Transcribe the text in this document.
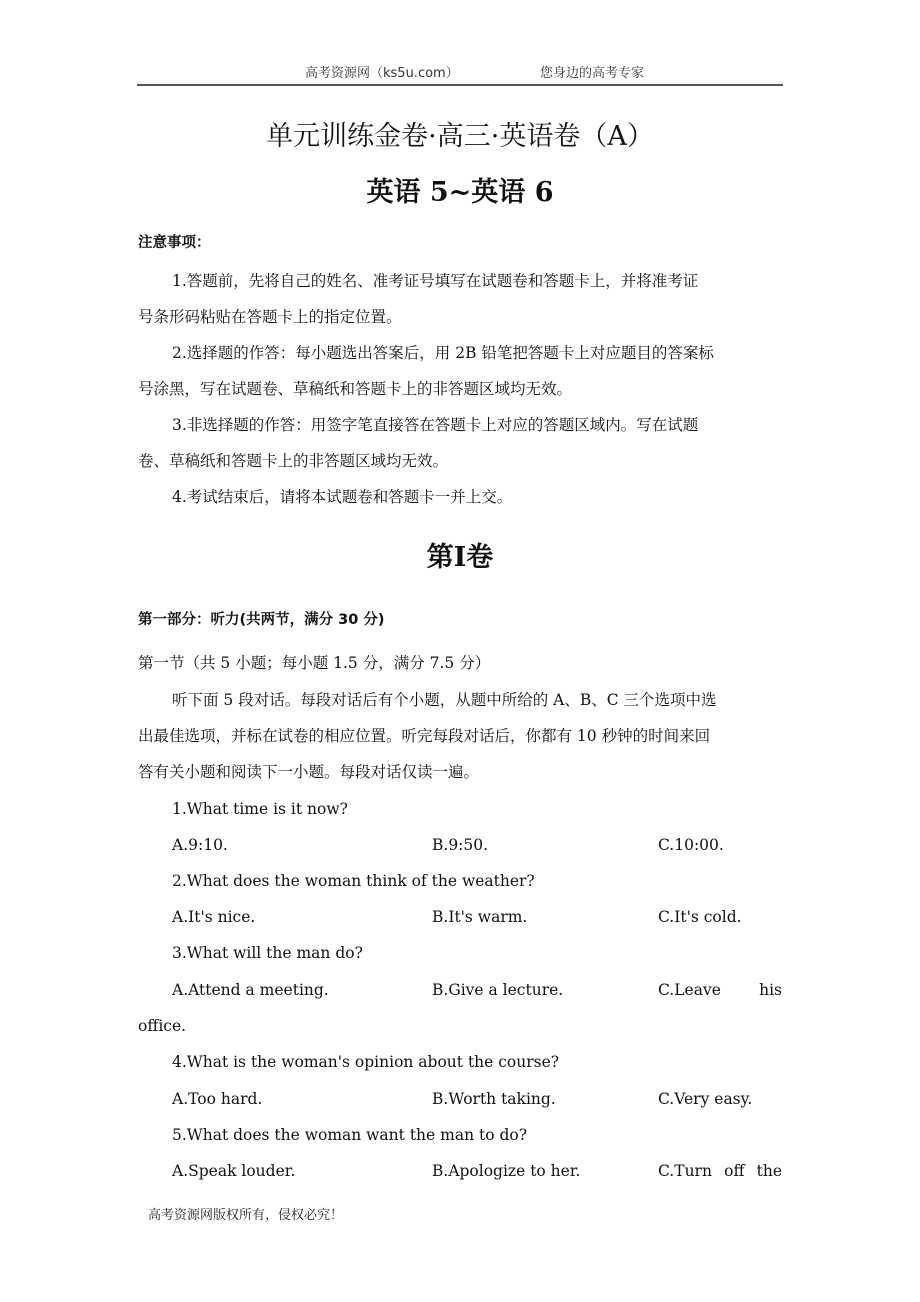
高考资源网（ks5u.com）	您身边的高考专家
单元训练金卷·高三·英语卷（A）
英语 5~英语 6
注意事项：
1.答题前，先将自己的姓名、准考证号填写在试题卷和答题卡上，并将准考证
号条形码粘贴在答题卡上的指定位置。
2.选择题的作答：每小题选出答案后，用 2B 铅笔把答题卡上对应题目的答案标
号涂黑，写在试题卷、草稿纸和答题卡上的非答题区域均无效。
3.非选择题的作答：用签字笔直接答在答题卡上对应的答题区域内。写在试题
卷、草稿纸和答题卡上的非答题区域均无效。
4.考试结束后，请将本试题卷和答题卡一并上交。
第Ⅰ卷
第一部分：听力(共两节，满分 30 分)
第一节（共 5 小题；每小题 1.5 分，满分 7.5 分）
听下面 5 段对话。每段对话后有个小题，从题中所给的 A、B、C 三个选项中选
出最佳选项，并标在试卷的相应位置。听完每段对话后，你都有 10 秒钟的时间来回
答有关小题和阅读下一小题。每段对话仅读一遍。
1.What time is it now?
A.9:10.	B.9:50.	C.10:00.
2.What does the woman think of the weather?
A.It's nice.	B.It's warm.	C.It's cold.
3.What will the man do?
A.Attend a meeting.	B.Give a lecture.	C.Leave his
office.
4.What is the woman's opinion about the course?
A.Too hard.	B.Worth taking.	C.Very easy.
5.What does the woman want the man to do?
A.Speak louder.	B.Apologize to her.	C.Turn off the
高考资源网版权所有，侵权必究！
